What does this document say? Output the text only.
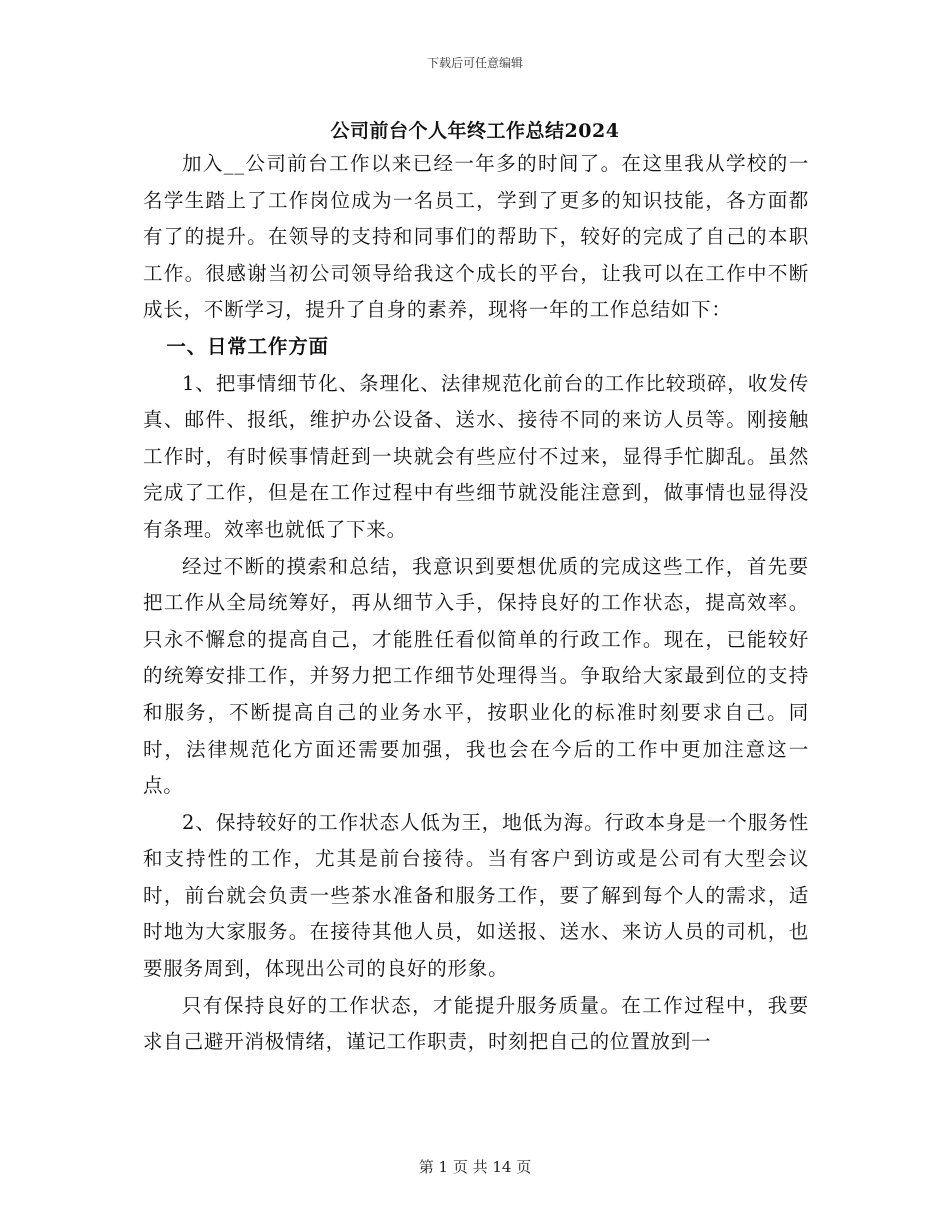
下载后可任意编辑
公司前台个人年终工作总结2024

加入__公司前台工作以来已经一年多的时间了。在这里我从学校的一名学生踏上了工作岗位成为一名员工，学到了更多的知识技能，各方面都有了的提升。在领导的支持和同事们的帮助下，较好的完成了自己的本职工作。很感谢当初公司领导给我这个成长的平台，让我可以在工作中不断成长，不断学习，提升了自身的素养，现将一年的工作总结如下：

一、日常工作方面

1、把事情细节化、条理化、法律规范化前台的工作比较琐碎，收发传真、邮件、报纸，维护办公设备、送水、接待不同的来访人员等。刚接触工作时，有时候事情赶到一块就会有些应付不过来，显得手忙脚乱。虽然完成了工作，但是在工作过程中有些细节就没能注意到，做事情也显得没有条理。效率也就低了下来。

经过不断的摸索和总结，我意识到要想优质的完成这些工作，首先要把工作从全局统筹好，再从细节入手，保持良好的工作状态，提高效率。只永不懈怠的提高自己，才能胜任看似简单的行政工作。现在，已能较好的统筹安排工作，并努力把工作细节处理得当。争取给大家最到位的支持和服务，不断提高自己的业务水平，按职业化的标准时刻要求自己。同时，法律规范化方面还需要加强，我也会在今后的工作中更加注意这一点。

2、保持较好的工作状态人低为王，地低为海。行政本身是一个服务性和支持性的工作，尤其是前台接待。当有客户到访或是公司有大型会议时，前台就会负责一些茶水准备和服务工作，要了解到每个人的需求，适时地为大家服务。在接待其他人员，如送报、送水、来访人员的司机，也要服务周到，体现出公司的良好的形象。

只有保持良好的工作状态，才能提升服务质量。在工作过程中，我要求自己避开消极情绪，谨记工作职责，时刻把自己的位置放到一

第 1 页 共 14 页
